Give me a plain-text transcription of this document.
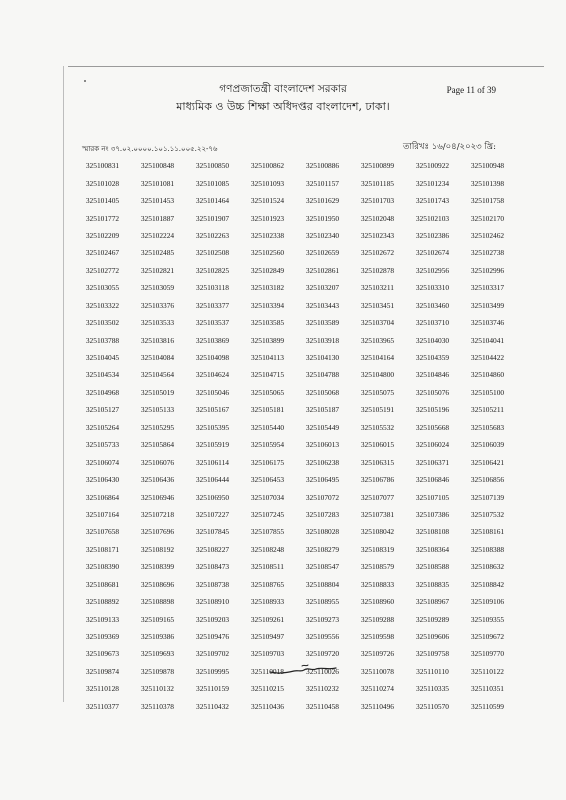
গণপ্রজাতন্ত্রী বাংলাদেশ সরকার	Page 11 of 39
মাধ্যমিক ও উচ্চ শিক্ষা অধিদপ্তর বাংলাদেশ, ঢাকা।
স্মারক নং ৩৭.০২.০০০০.১০১.১১.০০৫.২২-৭৬	তারিখঃ ১৬/০৪/২০২৩ খ্রি:
325100831	325100848	325100850	325100862	325100886	325100899	325100922	325100948
325101028	325101081	325101085	325101093	325101157	325101185	325101234	325101398
325101405	325101453	325101464	325101524	325101629	325101703	325101743	325101758
325101772	325101887	325101907	325101923	325101950	325102048	325102103	325102170
325102209	325102224	325102263	325102338	325102340	325102343	325102386	325102462
325102467	325102485	325102508	325102560	325102659	325102672	325102674	325102738
325102772	325102821	325102825	325102849	325102861	325102878	325102956	325102996
325103055	325103059	325103118	325103182	325103207	325103211	325103310	325103317
325103322	325103376	325103377	325103394	325103443	325103451	325103460	325103499
325103502	325103533	325103537	325103585	325103589	325103704	325103710	325103746
325103788	325103816	325103869	325103899	325103918	325103965	325104030	325104041
325104045	325104084	325104098	325104113	325104130	325104164	325104359	325104422
325104534	325104564	325104624	325104715	325104788	325104800	325104846	325104860
325104968	325105019	325105046	325105065	325105068	325105075	325105076	325105100
325105127	325105133	325105167	325105181	325105187	325105191	325105196	325105211
325105264	325105295	325105395	325105440	325105449	325105532	325105668	325105683
325105733	325105864	325105919	325105954	325106013	325106015	325106024	325106039
325106074	325106076	325106114	325106175	325106238	325106315	325106371	325106421
325106430	325106436	325106444	325106453	325106495	325106786	325106846	325106856
325106864	325106946	325106950	325107034	325107072	325107077	325107105	325107139
325107164	325107218	325107227	325107245	325107283	325107381	325107386	325107532
325107658	325107696	325107845	325107855	325108028	325108042	325108108	325108161
325108171	325108192	325108227	325108248	325108279	325108319	325108364	325108388
325108390	325108399	325108473	325108511	325108547	325108579	325108588	325108632
325108681	325108696	325108738	325108765	325108804	325108833	325108835	325108842
325108892	325108898	325108910	325108933	325108955	325108960	325108967	325109106
325109133	325109165	325109203	325109261	325109273	325109288	325109289	325109355
325109369	325109386	325109476	325109497	325109556	325109598	325109606	325109672
325109673	325109693	325109702	325109703	325109720	325109726	325109758	325109770
325109874	325109878	325109995	325110018	325110026	325110078	325110110	325110122
325110128	325110132	325110159	325110215	325110232	325110274	325110335	325110351
325110377	325110378	325110432	325110436	325110458	325110496	325110570	325110599
